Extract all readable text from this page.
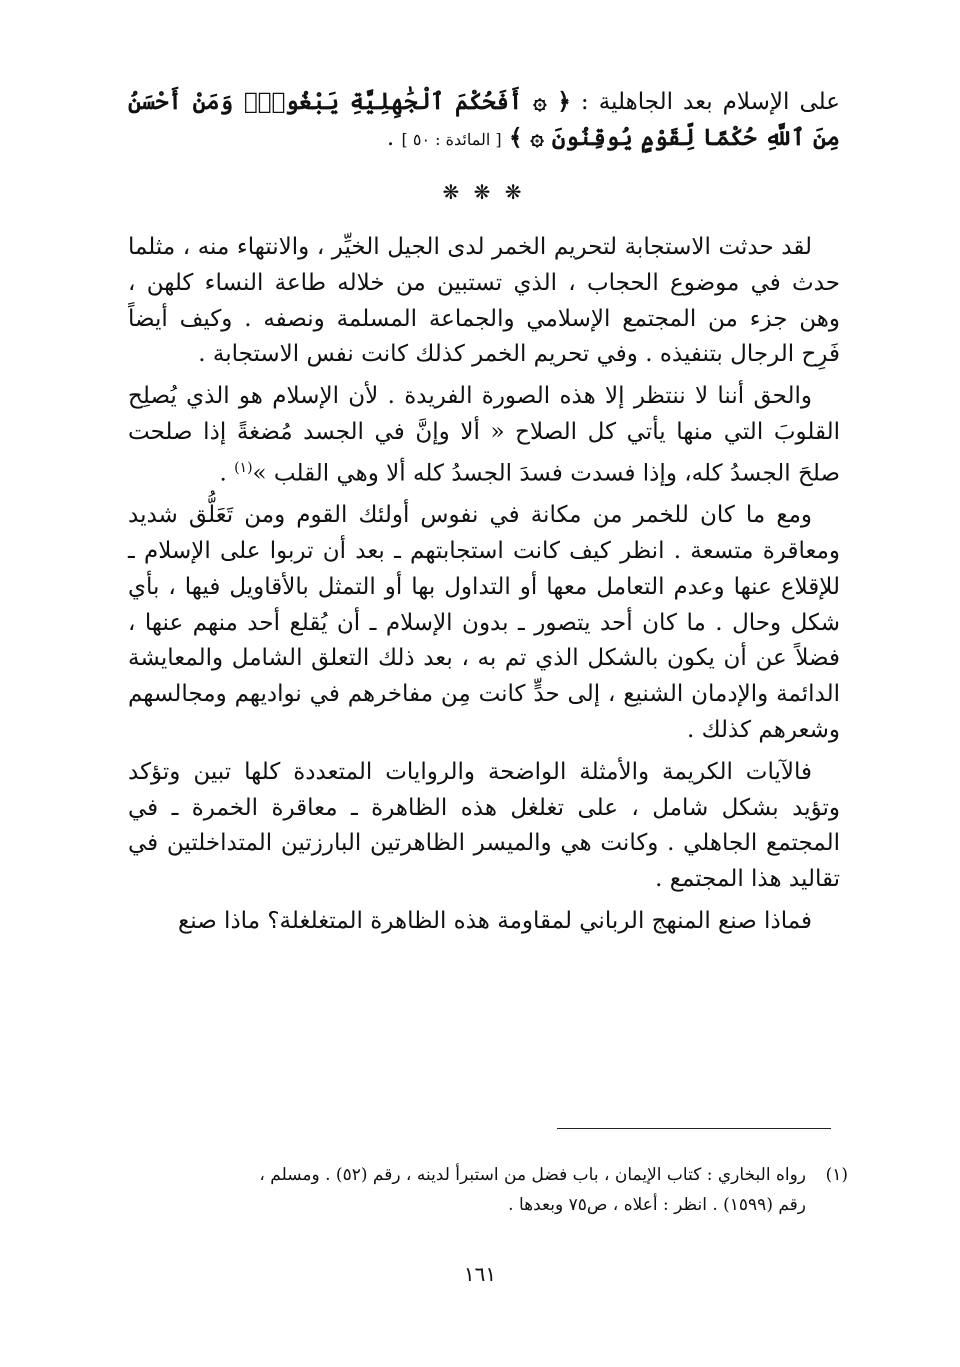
على الإسلام بعد الجاهلية : ﴿ ۞ أَفَحُكْمَ ٱلْجَٰهِلِيَّةِ يَبْغُونَۚ وَمَنْ أَحْسَنُ مِنَ ٱللَّهِ حُكْمًا لِّقَوْمٍ يُوقِنُونَ ۞ ﴾ [ المائدة : ٥٠ ] .

❋ ❋ ❋

لقد حدثت الاستجابة لتحريم الخمر لدى الجيل الخيِّر ، والانتهاء منه ، مثلما حدث في موضوع الحجاب ، الذي تستبين من خلاله طاعة النساء كلهن ، وهن جزء من المجتمع الإسلامي والجماعة المسلمة ونصفه . وكيف أيضاً فَرِح الرجال بتنفيذه . وفي تحريم الخمر كذلك كانت نفس الاستجابة .

والحق أننا لا ننتظر إلا هذه الصورة الفريدة . لأن الإسلام هو الذي يُصلِح القلوبَ التي منها يأتي كل الصلاح « ألا وإنَّ في الجسد مُضغةً إذا صلحت صلحَ الجسدُ كله، وإذا فسدت فسدَ الجسدُ كله ألا وهي القلب »$^{(١)}$ .

ومع ما كان للخمر من مكانة في نفوس أولئك القوم ومن تَعَلُّق شديد ومعاقرة متسعة . انظر كيف كانت استجابتهم ـ بعد أن تربوا على الإسلام ـ للإقلاع عنها وعدم التعامل معها أو التداول بها أو التمثل بالأقاويل فيها ، بأي شكل وحال . ما كان أحد يتصور ـ بدون الإسلام ـ أن يُقلع أحد منهم عنها ، فضلاً عن أن يكون بالشكل الذي تم به ، بعد ذلك التعلق الشامل والمعايشة الدائمة والإدمان الشنيع ، إلى حدٍّ كانت مِن مفاخرهم في نواديهم ومجالسهم وشعرهم كذلك .

فالآيات الكريمة والأمثلة الواضحة والروايات المتعددة كلها تبين وتؤكد وتؤيد بشكل شامل ، على تغلغل هذه الظاهرة ـ معاقرة الخمرة ـ في المجتمع الجاهلي . وكانت هي والميسر الظاهرتين البارزتين المتداخلتين في تقاليد هذا المجتمع .

فماذا صنع المنهج الرباني لمقاومة هذه الظاهرة المتغلغلة؟ ماذا صنع

(١)رواه البخاري : كتاب الإيمان ، باب فضل من استبرأ لدينه ، رقم (٥٢) . ومسلم ،
رقم (١٥٩٩) . انظر : أعلاه ، ص٧٥ وبعدها .
١٦١
